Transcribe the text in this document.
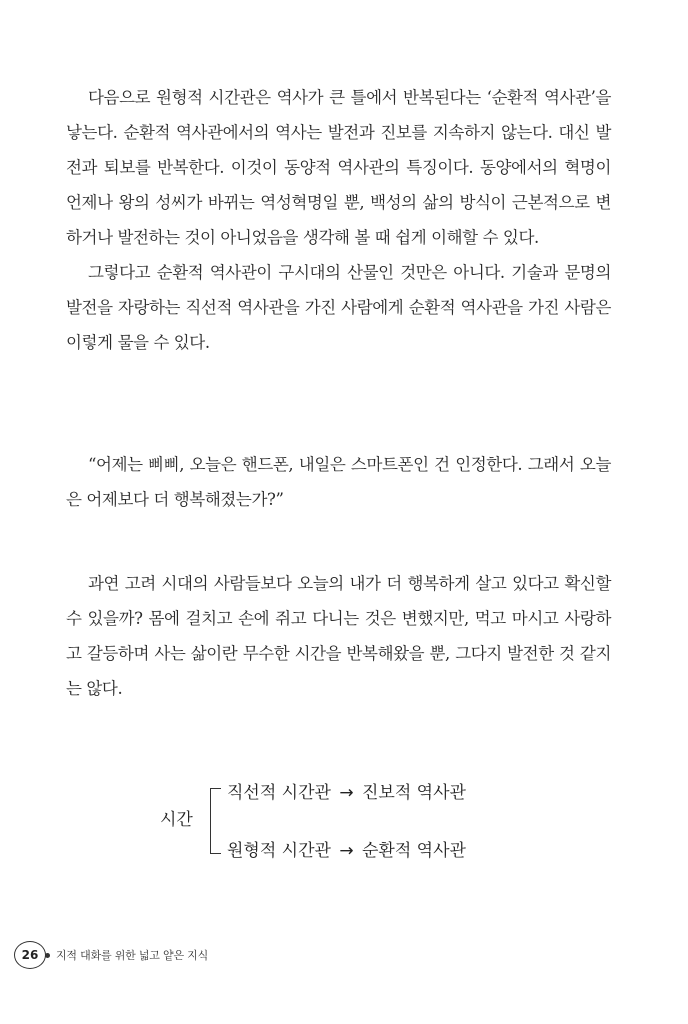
다음으로 원형적 시간관은 역사가 큰 틀에서 반복된다는 ‘순환적 역사관’을 낳는다. 순환적 역사관에서의 역사는 발전과 진보를 지속하지 않는다. 대신 발전과 퇴보를 반복한다. 이것이 동양적 역사관의 특징이다. 동양에서의 혁명이 언제나 왕의 성씨가 바뀌는 역성혁명일 뿐, 백성의 삶의 방식이 근본적으로 변하거나 발전하는 것이 아니었음을 생각해 볼 때 쉽게 이해할 수 있다.

그렇다고 순환적 역사관이 구시대의 산물인 것만은 아니다. 기술과 문명의 발전을 자랑하는 직선적 역사관을 가진 사람에게 순환적 역사관을 가진 사람은 이렇게 물을 수 있다.

“어제는 삐삐, 오늘은 핸드폰, 내일은 스마트폰인 건 인정한다. 그래서 오늘은 어제보다 더 행복해졌는가?”

과연 고려 시대의 사람들보다 오늘의 내가 더 행복하게 살고 있다고 확신할 수 있을까? 몸에 걸치고 손에 쥐고 다니는 것은 변했지만, 먹고 마시고 사랑하고 갈등하며 사는 삶이란 무수한 시간을 반복해왔을 뿐, 그다지 발전한 것 같지는 않다.

시간
직선적 시간관 → 진보적 역사관
원형적 시간관 → 순환적 역사관
26	지적 대화를 위한 넓고 얕은 지식
